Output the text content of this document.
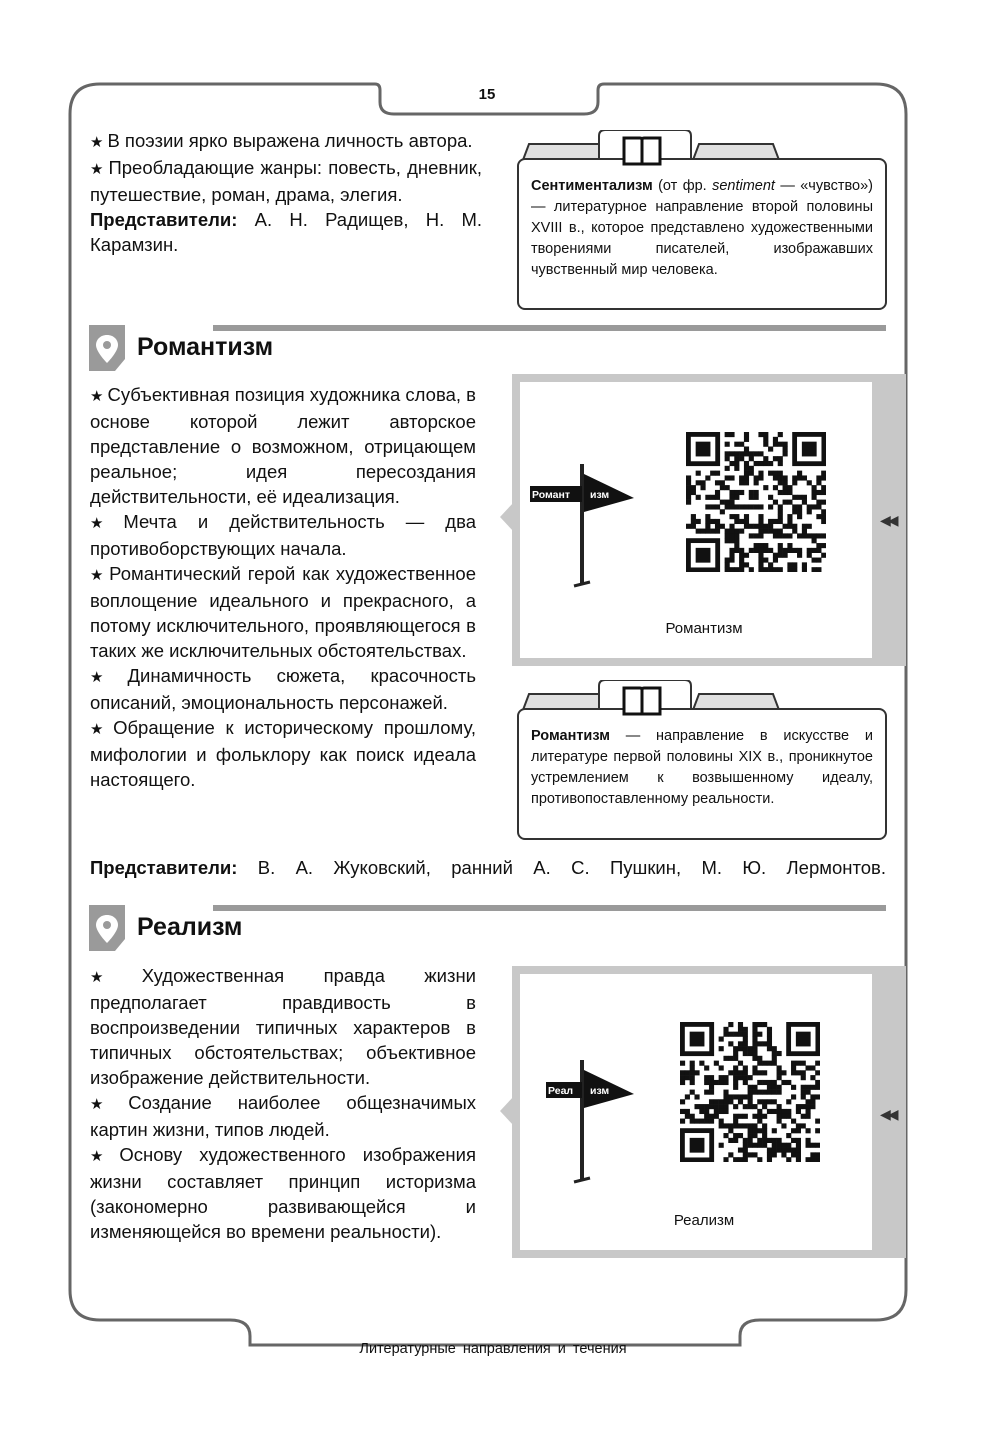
15

★ В поэзии ярко выражена личность автора.

★ Преобладающие жанры: повесть, дневник, путешествие, роман, драма, элегия.

Представители: А. Н. Радищев, Н. М. Карамзин.

Сентиментализм (от фр. sentiment — «чувство») — литературное направление второй половины XVIII в., которое представлено художественными творениями писателей, изображавших чувственный мир человека.
Романтизм

★ Субъективная позиция художника слова, в основе которой лежит авторское представление о возможном, отрицающем реальное; идея пересоздания действительности, её идеализация.

★ Мечта и действительность — два противоборствующих начала.

★ Романтический герой как художественное воплощение идеального и прекрасного, а потому исключительного, проявляющегося в таких же исключительных обстоятельствах.

★ Динамичность сюжета, красочность описаний, эмоциональность персонажей.

★ Обращение к историческому прошлому, мифологии и фольклору как поиск идеала настоящего.

Романт изм
Романтизм
◀◀
Романтизм — направление в искусстве и литературе первой половины XIX в., проникнутое устремлением к возвышенному идеалу, противопоставленному реальности.
Представители: В. А. Жуковский, ранний А. С. Пушкин, М. Ю. Лермонтов.
Реализм

★ Художественная правда жизни предполагает правдивость в воспроизведении типичных характеров в типичных обстоятельствах; объективное изображение действительности.

★ Создание наиболее общезначимых картин жизни, типов людей.

★ Основу художественного изображения жизни составляет принцип историзма (закономерно развивающейся и изменяющейся во времени реальности).

Реал изм
Реализм
◀◀
Литературные направления и течения
